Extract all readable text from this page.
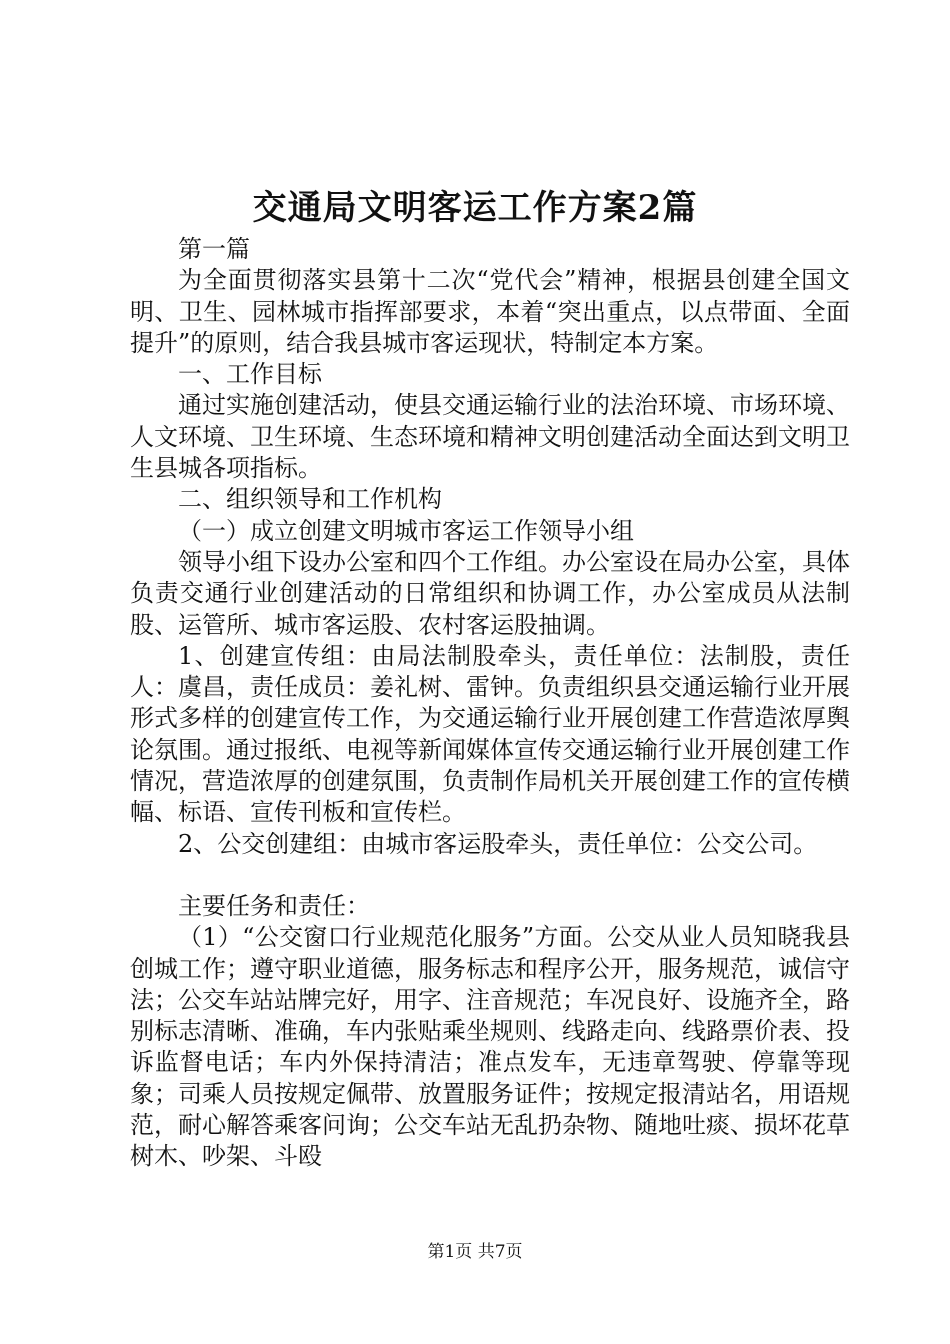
交通局文明客运工作方案2篇

第一篇

为全面贯彻落实县第十二次“党代会”精神，根据县创建全国文明、卫生、园林城市指挥部要求，本着“突出重点，以点带面、全面提升”的原则，结合我县城市客运现状，特制定本方案。

一、工作目标

通过实施创建活动，使县交通运输行业的法治环境、市场环境、人文环境、卫生环境、生态环境和精神文明创建活动全面达到文明卫生县城各项指标。

二、组织领导和工作机构

（一）成立创建文明城市客运工作领导小组

领导小组下设办公室和四个工作组。办公室设在局办公室，具体负责交通行业创建活动的日常组织和协调工作，办公室成员从法制股、运管所、城市客运股、农村客运股抽调。

1、创建宣传组：由局法制股牵头，责任单位：法制股，责任人：虞昌，责任成员：姜礼树、雷钟。负责组织县交通运输行业开展形式多样的创建宣传工作，为交通运输行业开展创建工作营造浓厚舆论氛围。通过报纸、电视等新闻媒体宣传交通运输行业开展创建工作情况，营造浓厚的创建氛围，负责制作局机关开展创建工作的宣传横幅、标语、宣传刊板和宣传栏。

2、公交创建组：由城市客运股牵头，责任单位：公交公司。

主要任务和责任：

（1）“公交窗口行业规范化服务”方面。公交从业人员知晓我县创城工作；遵守职业道德，服务标志和程序公开，服务规范，诚信守法；公交车站站牌完好，用字、注音规范；车况良好、设施齐全，路别标志清晰、准确，车内张贴乘坐规则、线路走向、线路票价表、投诉监督电话；车内外保持清洁；准点发车，无违章驾驶、停靠等现象；司乘人员按规定佩带、放置服务证件；按规定报清站名，用语规范，耐心解答乘客问询；公交车站无乱扔杂物、随地吐痰、损坏花草树木、吵架、斗殴

第1页 共7页
